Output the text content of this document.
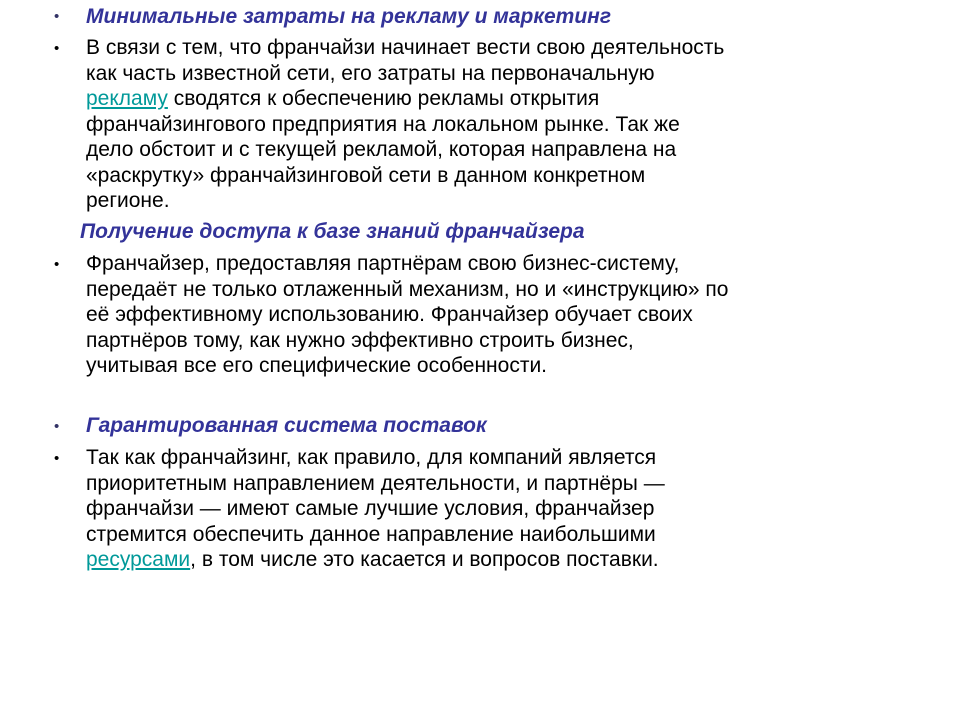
• Минимальные затраты на рекламу и маркетинг
• В связи с тем, что франчайзи начинает вести свою деятельность
как часть известной сети, его затраты на первоначальную
рекламу сводятся к обеспечению рекламы открытия
франчайзингового предприятия на локальном рынке. Так же
дело обстоит и с текущей рекламой, которая направлена на
«раскрутку» франчайзинговой сети в данном конкретном
регионе.
Получение доступа к базе знаний франчайзера
• Франчайзер, предоставляя партнёрам свою бизнес-систему,
передаёт не только отлаженный механизм, но и «инструкцию» по
её эффективному использованию. Франчайзер обучает своих
партнёров тому, как нужно эффективно строить бизнес,
учитывая все его специфические особенности.
• Гарантированная система поставок
• Так как франчайзинг, как правило, для компаний является
приоритетным направлением деятельности, и партнёры —
франчайзи — имеют самые лучшие условия, франчайзер
стремится обеспечить данное направление наибольшими
ресурсами, в том числе это касается и вопросов поставки.
